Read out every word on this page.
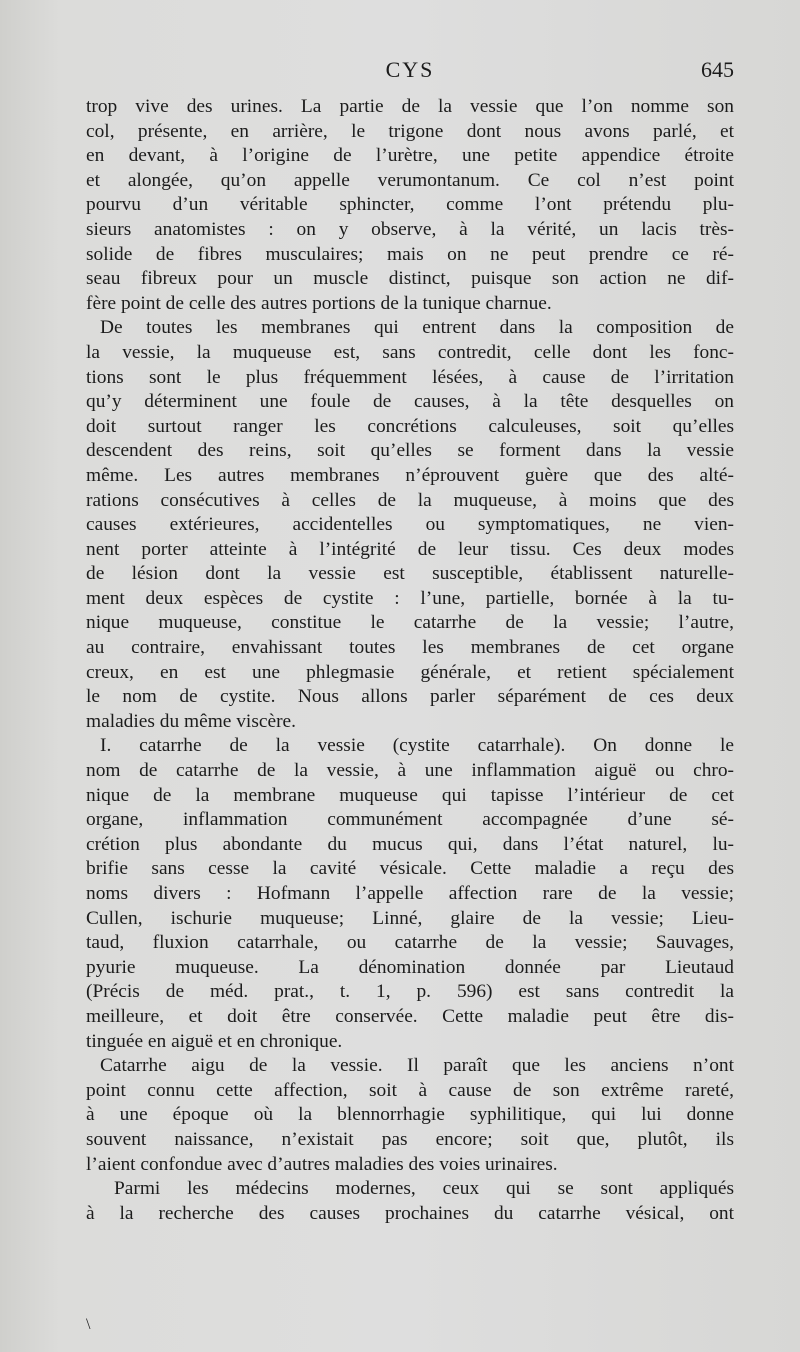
CYS	645

trop vive des urines. La partie de la vessie que l’on nomme son

col, présente, en arrière, le trigone dont nous avons parlé, et

en devant, à l’origine de l’urètre, une petite appendice étroite

et alongée, qu’on appelle verumontanum. Ce col n’est point

pourvu d’un véritable sphincter, comme l’ont prétendu plu-

sieurs anatomistes : on y observe, à la vérité, un lacis très-

solide de fibres musculaires; mais on ne peut prendre ce ré-

seau fibreux pour un muscle distinct, puisque son action ne dif-

fère point de celle des autres portions de la tunique charnue.

De toutes les membranes qui entrent dans la composition de

la vessie, la muqueuse est, sans contredit, celle dont les fonc-

tions sont le plus fréquemment lésées, à cause de l’irritation

qu’y déterminent une foule de causes, à la tête desquelles on

doit surtout ranger les concrétions calculeuses, soit qu’elles

descendent des reins, soit qu’elles se forment dans la vessie

même. Les autres membranes n’éprouvent guère que des alté-

rations consécutives à celles de la muqueuse, à moins que des

causes extérieures, accidentelles ou symptomatiques, ne vien-

nent porter atteinte à l’intégrité de leur tissu. Ces deux modes

de lésion dont la vessie est susceptible, établissent naturelle-

ment deux espèces de cystite : l’une, partielle, bornée à la tu-

nique muqueuse, constitue le catarrhe de la vessie; l’autre,

au contraire, envahissant toutes les membranes de cet organe

creux, en est une phlegmasie générale, et retient spécialement

le nom de cystite. Nous allons parler séparément de ces deux

maladies du même viscère.

I. catarrhe de la vessie (cystite catarrhale). On donne le

nom de catarrhe de la vessie, à une inflammation aiguë ou chro-

nique de la membrane muqueuse qui tapisse l’intérieur de cet

organe, inflammation communément accompagnée d’une sé-

crétion plus abondante du mucus qui, dans l’état naturel, lu-

brifie sans cesse la cavité vésicale. Cette maladie a reçu des

noms divers : Hofmann l’appelle affection rare de la vessie;

Cullen, ischurie muqueuse; Linné, glaire de la vessie; Lieu-

taud, fluxion catarrhale, ou catarrhe de la vessie; Sauvages,

pyurie muqueuse. La dénomination donnée par Lieutaud

(Précis de méd. prat., t. 1, p. 596) est sans contredit la

meilleure, et doit être conservée. Cette maladie peut être dis-

tinguée en aiguë et en chronique.

Catarrhe aigu de la vessie. Il paraît que les anciens n’ont

point connu cette affection, soit à cause de son extrême rareté,

à une époque où la blennorrhagie syphilitique, qui lui donne

souvent naissance, n’existait pas encore; soit que, plutôt, ils

l’aient confondue avec d’autres maladies des voies urinaires.

Parmi les médecins modernes, ceux qui se sont appliqués

à la recherche des causes prochaines du catarrhe vésical, ont

\
